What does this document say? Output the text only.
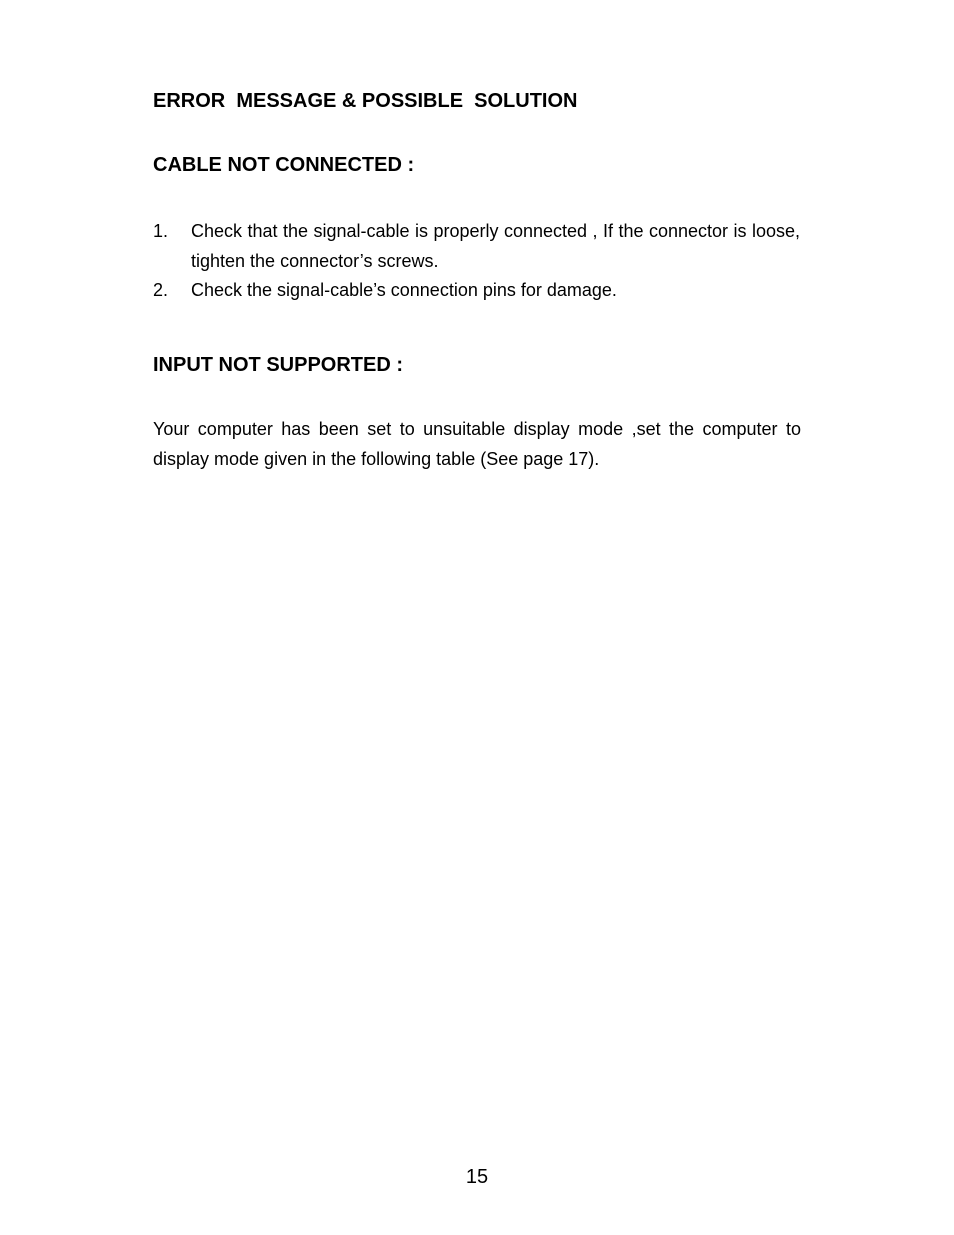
ERROR  MESSAGE & POSSIBLE  SOLUTION
CABLE NOT CONNECTED :
1. Check that the signal-cable is properly connected , If the connector is loose, tighten the connector’s screws.
2. Check the signal-cable’s connection pins for damage.
INPUT NOT SUPPORTED :

Your computer has been set to unsuitable display mode ,set the computer to display mode given in the following table (See page 17).

15
